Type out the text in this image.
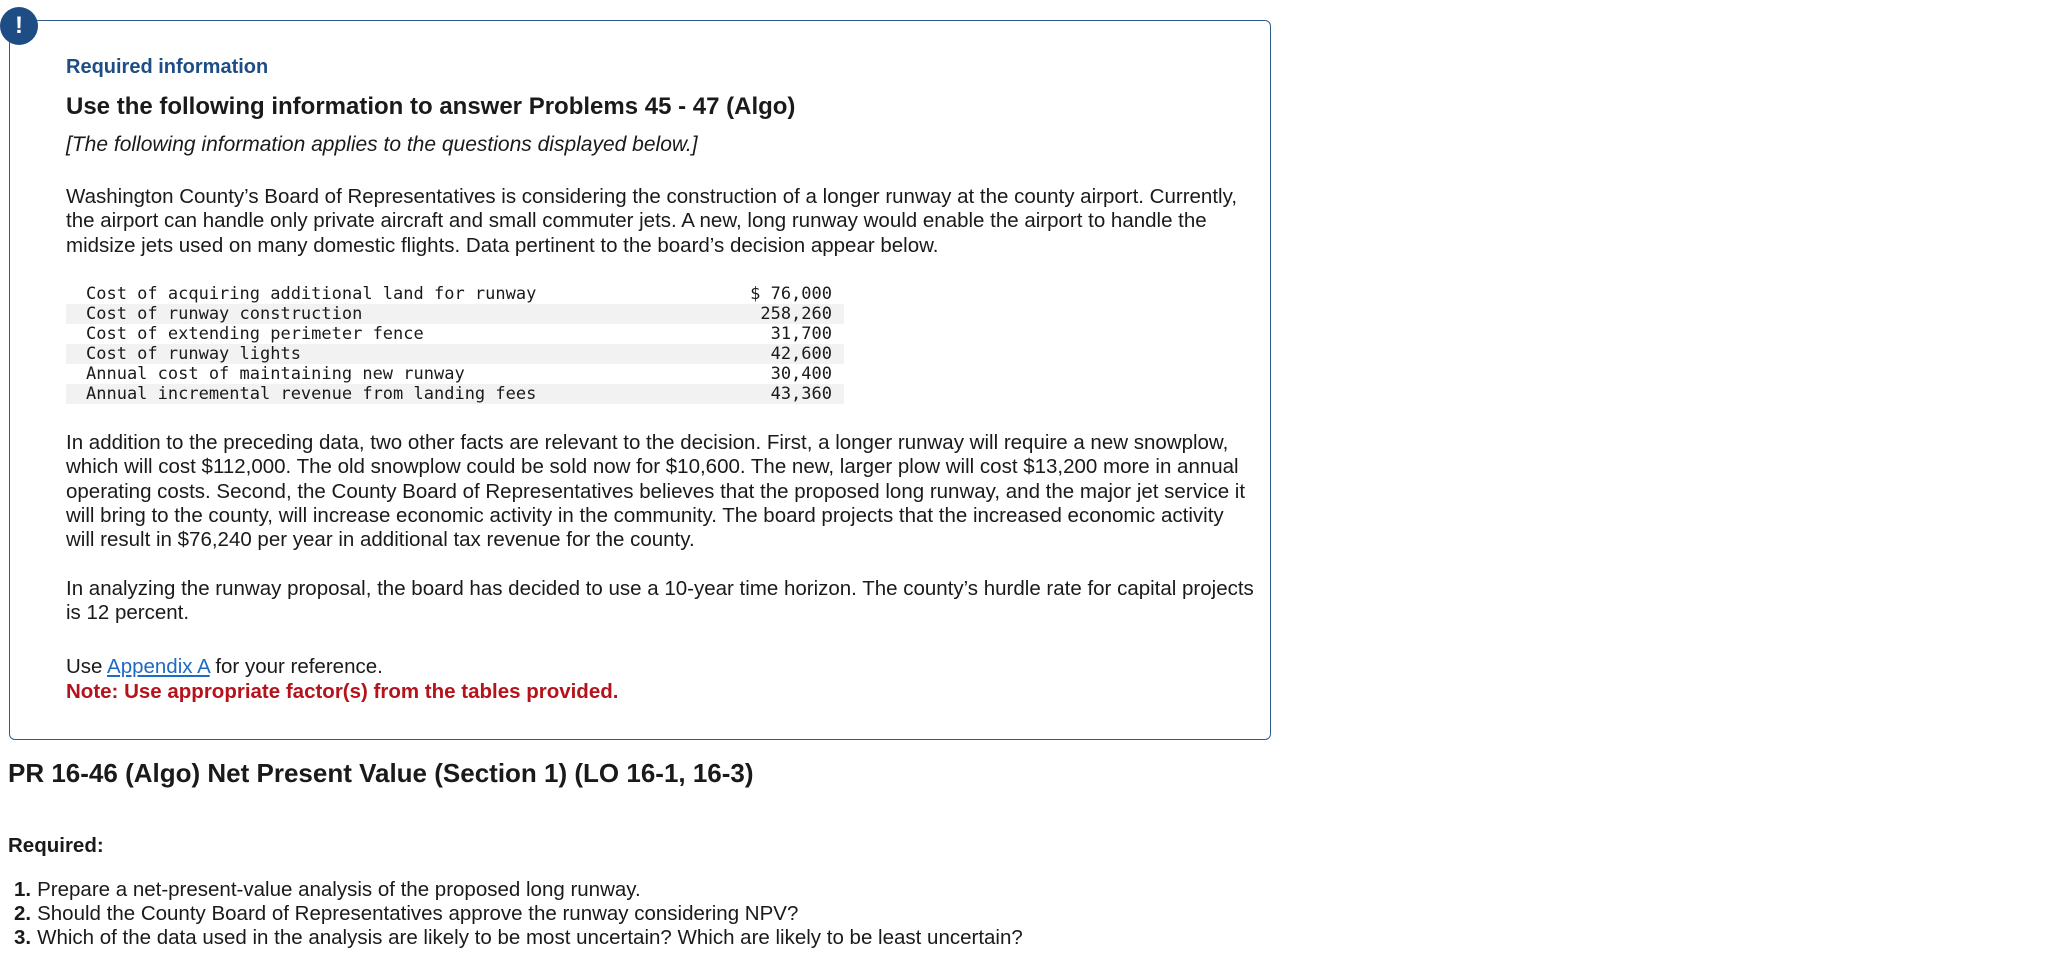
!
Required information
Use the following information to answer Problems 45 - 47 (Algo)
[The following information applies to the questions displayed below.]
Washington County’s Board of Representatives is considering the construction of a longer runway at the county airport. Currently, the airport can handle only private aircraft and small commuter jets. A new, long runway would enable the airport to handle the midsize jets used on many domestic flights. Data pertinent to the board’s decision appear below.
Cost of acquiring additional land for runway	$ 76,000
Cost of runway construction	258,260
Cost of extending perimeter fence	31,700
Cost of runway lights	42,600
Annual cost of maintaining new runway	30,400
Annual incremental revenue from landing fees	43,360
In addition to the preceding data, two other facts are relevant to the decision. First, a longer runway will require a new snowplow, which will cost $112,000. The old snowplow could be sold now for $10,600. The new, larger plow will cost $13,200 more in annual operating costs. Second, the County Board of Representatives believes that the proposed long runway, and the major jet service it will bring to the county, will increase economic activity in the community. The board projects that the increased economic activity will result in $76,240 per year in additional tax revenue for the county.
In analyzing the runway proposal, the board has decided to use a 10-year time horizon. The county’s hurdle rate for capital projects is 12 percent.
Use Appendix A for your reference.
Note: Use appropriate factor(s) from the tables provided.
PR 16-46 (Algo) Net Present Value (Section 1) (LO 16-1, 16-3)
Required:
1. Prepare a net-present-value analysis of the proposed long runway.
2. Should the County Board of Representatives approve the runway considering NPV?
3. Which of the data used in the analysis are likely to be most uncertain? Which are likely to be least uncertain?
